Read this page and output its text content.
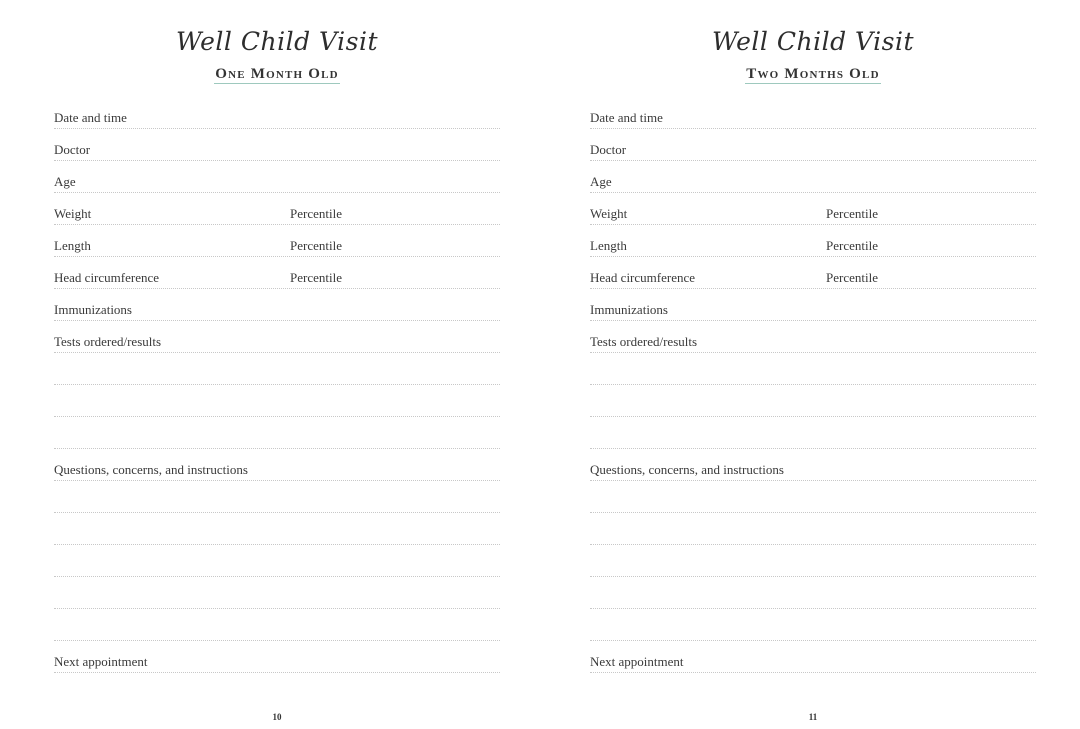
Well Child Visit
One Month Old
Date and time
Doctor
Age
Weight	Percentile
Length	Percentile
Head circumference	Percentile
Immunizations
Tests ordered/results
Questions, concerns, and instructions
Next appointment
10
Well Child Visit
Two Months Old
Date and time
Doctor
Age
Weight	Percentile
Length	Percentile
Head circumference	Percentile
Immunizations
Tests ordered/results
Questions, concerns, and instructions
Next appointment
11
